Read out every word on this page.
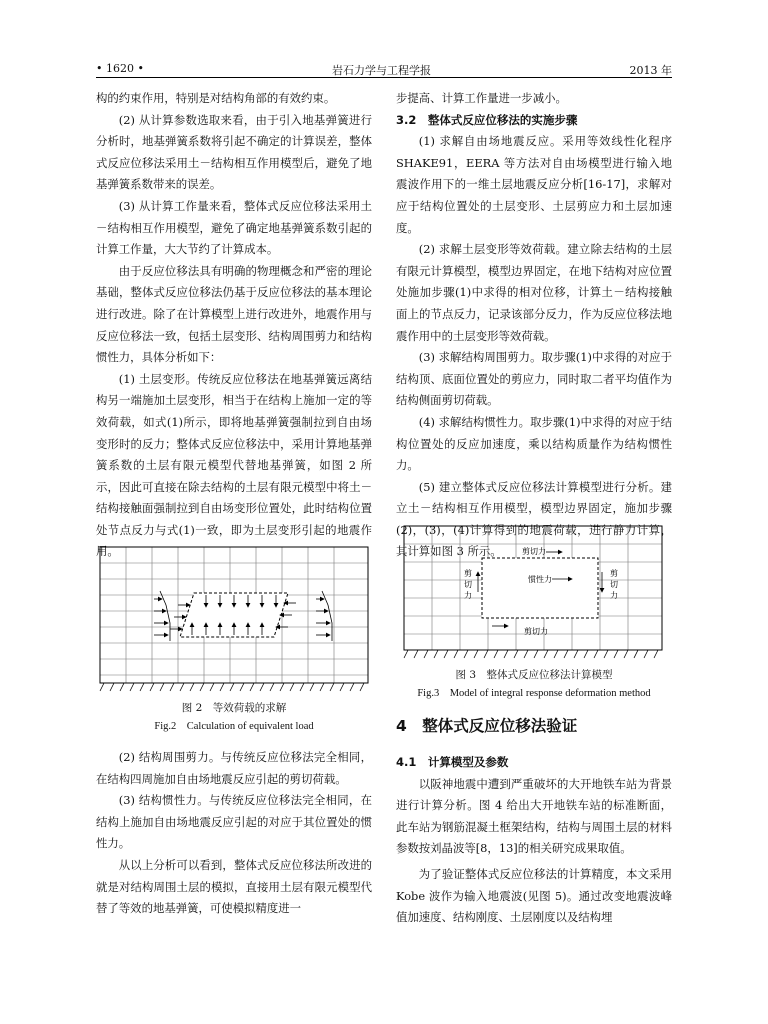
• 1620 •	岩石力学与工程学报	2013 年

构的约束作用，特别是对结构角部的有效约束。

(2) 从计算参数选取来看，由于引入地基弹簧进行分析时，地基弹簧系数将引起不确定的计算误差，整体式反应位移法采用土－结构相互作用模型后，避免了地基弹簧系数带来的误差。

(3) 从计算工作量来看，整体式反应位移法采用土－结构相互作用模型，避免了确定地基弹簧系数引起的计算工作量，大大节约了计算成本。

由于反应位移法具有明确的物理概念和严密的理论基础，整体式反应位移法仍基于反应位移法的基本理论进行改进。除了在计算模型上进行改进外，地震作用与反应位移法一致，包括土层变形、结构周围剪力和结构惯性力，具体分析如下：

(1) 土层变形。传统反应位移法在地基弹簧远离结构另一端施加土层变形，相当于在结构上施加一定的等效荷载，如式(1)所示，即将地基弹簧强制拉到自由场变形时的反力；整体式反应位移法中，采用计算地基弹簧系数的土层有限元模型代替地基弹簧，如图 2 所示，因此可直接在除去结构的土层有限元模型中将土－结构接触面强制拉到自由场变形位置处，此时结构位置处节点反力与式(1)一致，即为土层变形引起的地震作用。

图 2　等效荷载的求解
Fig.2　Calculation of equivalent load

(2) 结构周围剪力。与传统反应位移法完全相同，在结构四周施加自由场地震反应引起的剪切荷载。

(3) 结构惯性力。与传统反应位移法完全相同，在结构上施加自由场地震反应引起的对应于其位置处的惯性力。

从以上分析可以看到，整体式反应位移法所改进的就是对结构周围土层的模拟，直接用土层有限元模型代替了等效的地基弹簧，可使模拟精度进一

步提高、计算工作量进一步减小。

3.2　整体式反应位移法的实施步骤

(1) 求解自由场地震反应。采用等效线性化程序 SHAKE91，EERA 等方法对自由场模型进行输入地震波作用下的一维土层地震反应分析[16-17]，求解对应于结构位置处的土层变形、土层剪应力和土层加速度。

(2) 求解土层变形等效荷载。建立除去结构的土层有限元计算模型，模型边界固定，在地下结构对应位置处施加步骤(1)中求得的相对位移，计算土－结构接触面上的节点反力，记录该部分反力，作为反应位移法地震作用中的土层变形等效荷载。

(3) 求解结构周围剪力。取步骤(1)中求得的对应于结构顶、底面位置处的剪应力，同时取二者平均值作为结构侧面剪切荷载。

(4) 求解结构惯性力。取步骤(1)中求得的对应于结构位置处的反应加速度，乘以结构质量作为结构惯性力。

(5) 建立整体式反应位移法计算模型进行分析。建立土－结构相互作用模型，模型边界固定，施加步骤(2)，(3)，(4)计算得到的地震荷载，进行静力计算，其计算如图 3 所示。	剪切力
惯性力
剪
切
力
剪
切
力
剪切力
图 3　整体式反应位移法计算模型
Fig.3　Model of integral response deformation method

4　整体式反应位移法验证

4.1　计算模型及参数

以阪神地震中遭到严重破坏的大开地铁车站为背景进行计算分析。图 4 给出大开地铁车站的标准断面，此车站为钢筋混凝土框架结构，结构与周围土层的材料参数按刘晶波等[8，13]的相关研究成果取值。

为了验证整体式反应位移法的计算精度，本文采用 Kobe 波作为输入地震波(见图 5)。通过改变地震波峰值加速度、结构刚度、土层刚度以及结构埋
